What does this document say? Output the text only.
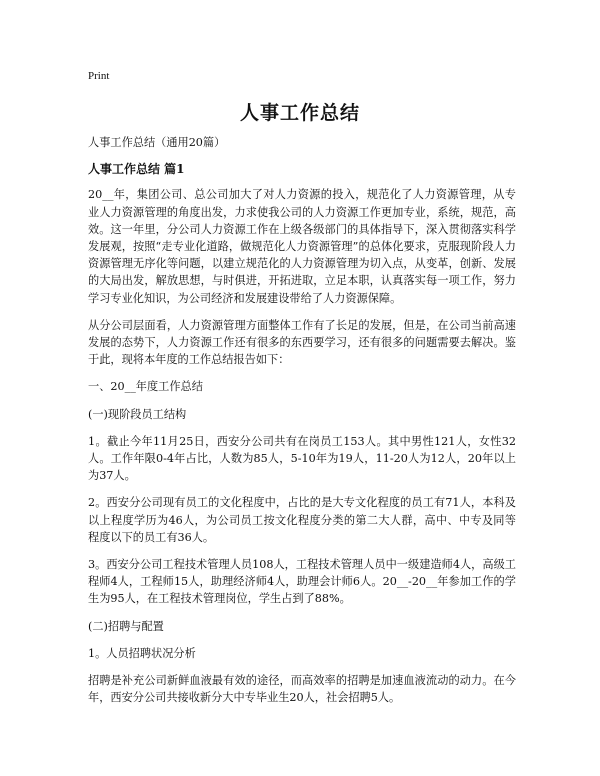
Print
人事工作总结

人事工作总结（通用20篇）

人事工作总结 篇1

20__年，集团公司、总公司加大了对人力资源的投入，规范化了人力资源管理，从专业人力资源管理的角度出发，力求使我公司的人力资源工作更加专业，系统，规范，高效。这一年里，分公司人力资源工作在上级各级部门的具体指导下，深入贯彻落实科学发展观，按照“走专业化道路，做规范化人力资源管理”的总体化要求，克服现阶段人力资源管理无序化等问题，以建立规范化的人力资源管理为切入点，从变革，创新、发展的大局出发，解放思想，与时俱进，开拓进取，立足本职，认真落实每一项工作，努力学习专业化知识，为公司经济和发展建设带给了人力资源保障。

从分公司层面看，人力资源管理方面整体工作有了长足的发展，但是，在公司当前高速发展的态势下，人力资源工作还有很多的东西要学习，还有很多的问题需要去解决。鉴于此，现将本年度的工作总结报告如下：

一、20__年度工作总结

(一)现阶段员工结构

1。截止今年11月25日，西安分公司共有在岗员工153人。其中男性121人，女性32人。工作年限0-4年占比，人数为85人，5-10年为19人，11-20人为12人，20年以上为37人。

2。西安分公司现有员工的文化程度中，占比的是大专文化程度的员工有71人，本科及以上程度学历为46人，为公司员工按文化程度分类的第二大人群，高中、中专及同等程度以下的员工有36人。

3。西安分公司工程技术管理人员108人，工程技术管理人员中一级建造师4人，高级工程师4人，工程师15人，助理经济师4人，助理会计师6人。20__-20__年参加工作的学生为95人，在工程技术管理岗位，学生占到了88%。

(二)招聘与配置

1。人员招聘状况分析

招聘是补充公司新鲜血液最有效的途径，而高效率的招聘是加速血液流动的动力。在今年，西安分公司共接收新分大中专毕业生20人，社会招聘5人。
